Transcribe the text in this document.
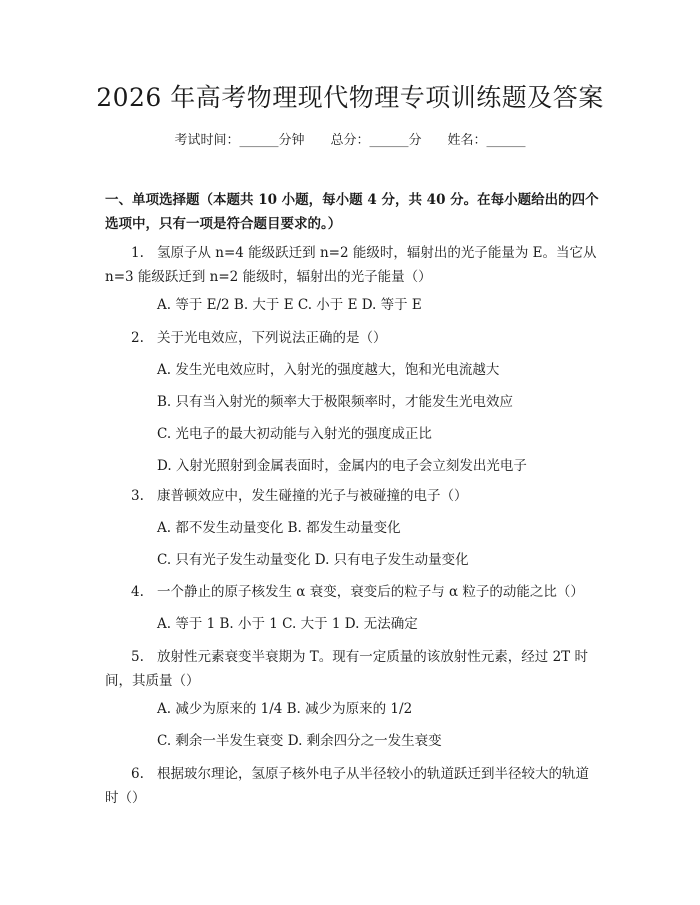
2026 年高考物理现代物理专项训练题及答案
考试时间：______分钟 总分：______分 姓名：______
一、单项选择题（本题共 10 小题，每小题 4 分，共 40 分。在每小题给出的四个
选项中，只有一项是符合题目要求的。）
1. 氢原子从 n=4 能级跃迁到 n=2 能级时，辐射出的光子能量为 E。当它从
n=3 能级跃迁到 n=2 能级时，辐射出的光子能量（）
A. 等于 E/2 B. 大于 E C. 小于 E D. 等于 E
2. 关于光电效应，下列说法正确的是（）
A. 发生光电效应时，入射光的强度越大，饱和光电流越大
B. 只有当入射光的频率大于极限频率时，才能发生光电效应
C. 光电子的最大初动能与入射光的强度成正比
D. 入射光照射到金属表面时，金属内的电子会立刻发出光电子
3. 康普顿效应中，发生碰撞的光子与被碰撞的电子（）
A. 都不发生动量变化 B. 都发生动量变化
C. 只有光子发生动量变化 D. 只有电子发生动量变化
4. 一个静止的原子核发生 α 衰变，衰变后的粒子与 α 粒子的动能之比（）
A. 等于 1 B. 小于 1 C. 大于 1 D. 无法确定
5. 放射性元素衰变半衰期为 T。现有一定质量的该放射性元素，经过 2T 时
间，其质量（）
A. 减少为原来的 1/4 B. 减少为原来的 1/2
C. 剩余一半发生衰变 D. 剩余四分之一发生衰变
6. 根据玻尔理论，氢原子核外电子从半径较小的轨道跃迁到半径较大的轨道
时（）
